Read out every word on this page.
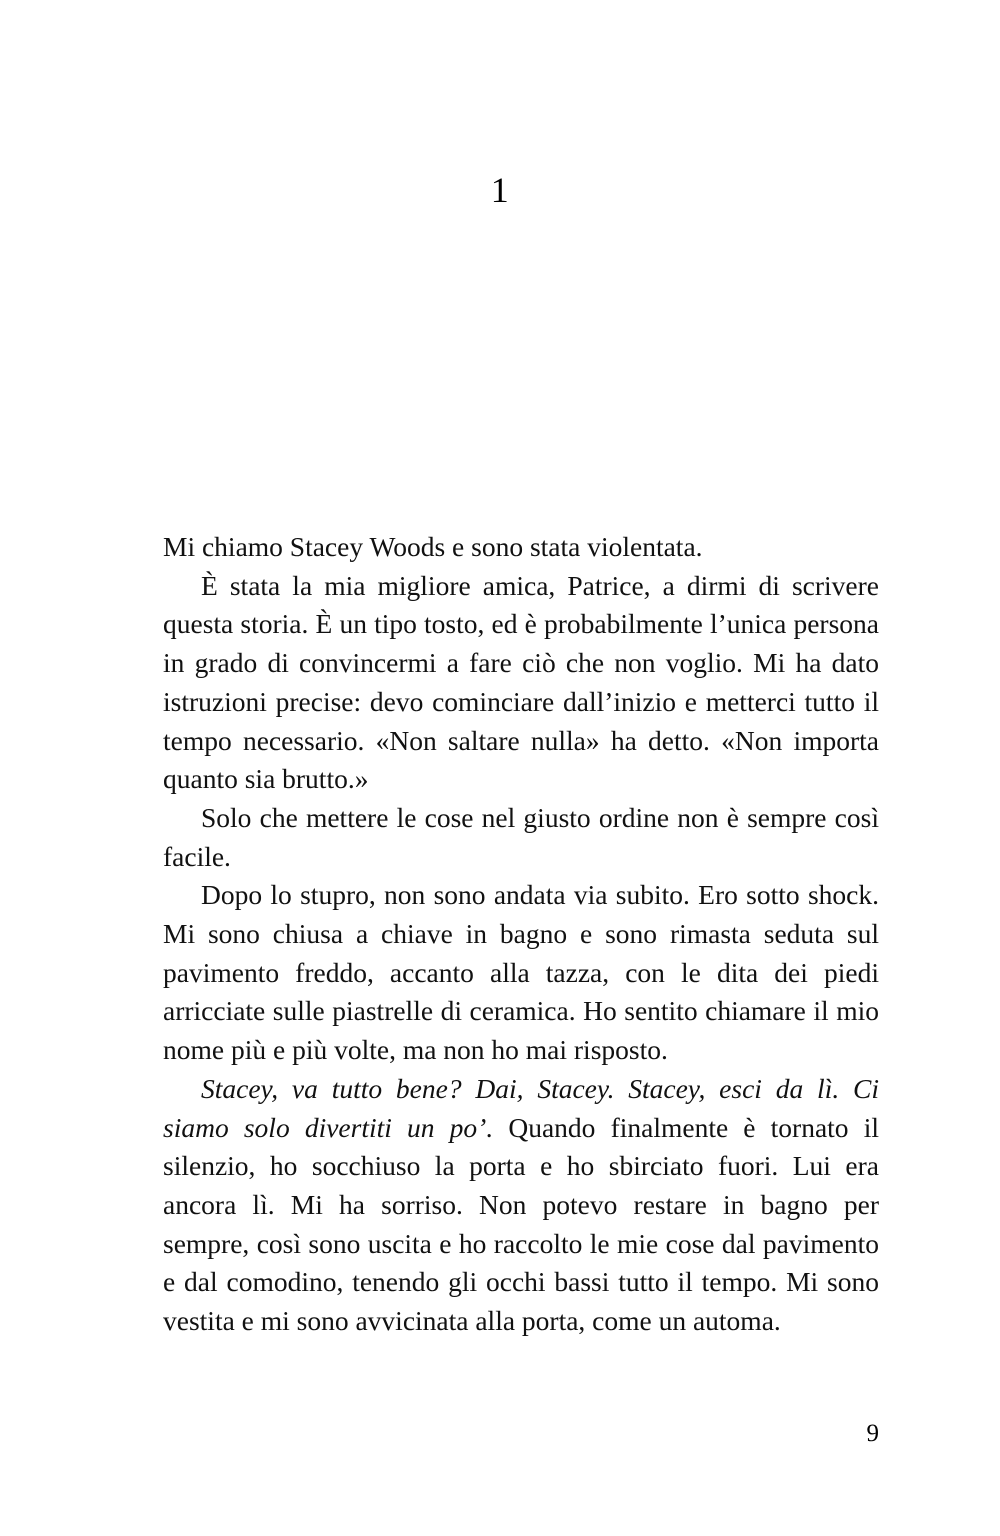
1

Mi chiamo Stacey Woods e sono stata violentata.

È stata la mia migliore amica, Patrice, a dirmi di scrivere questa storia. È un tipo tosto, ed è probabilmente l’unica persona in grado di convincermi a fare ciò che non voglio. Mi ha dato istruzioni precise: devo cominciare dall’inizio e metterci tutto il tempo necessario. «Non saltare nulla» ha detto. «Non importa quanto sia brutto.»

Solo che mettere le cose nel giusto ordine non è sempre così facile.

Dopo lo stupro, non sono andata via subito. Ero sotto shock. Mi sono chiusa a chiave in bagno e sono rimasta seduta sul pavimento freddo, accanto alla tazza, con le dita dei piedi arricciate sulle piastrelle di ceramica. Ho sentito chiamare il mio nome più e più volte, ma non ho mai risposto.

Stacey, va tutto bene? Dai, Stacey. Stacey, esci da lì. Ci siamo solo divertiti un po’. Quando finalmente è tornato il silenzio, ho socchiuso la porta e ho sbirciato fuori. Lui era ancora lì. Mi ha sorriso. Non potevo restare in bagno per sempre, così sono uscita e ho raccolto le mie cose dal pavimento e dal comodino, tenendo gli occhi bassi tutto il tempo. Mi sono vestita e mi sono avvicinata alla porta, come un automa.

9
